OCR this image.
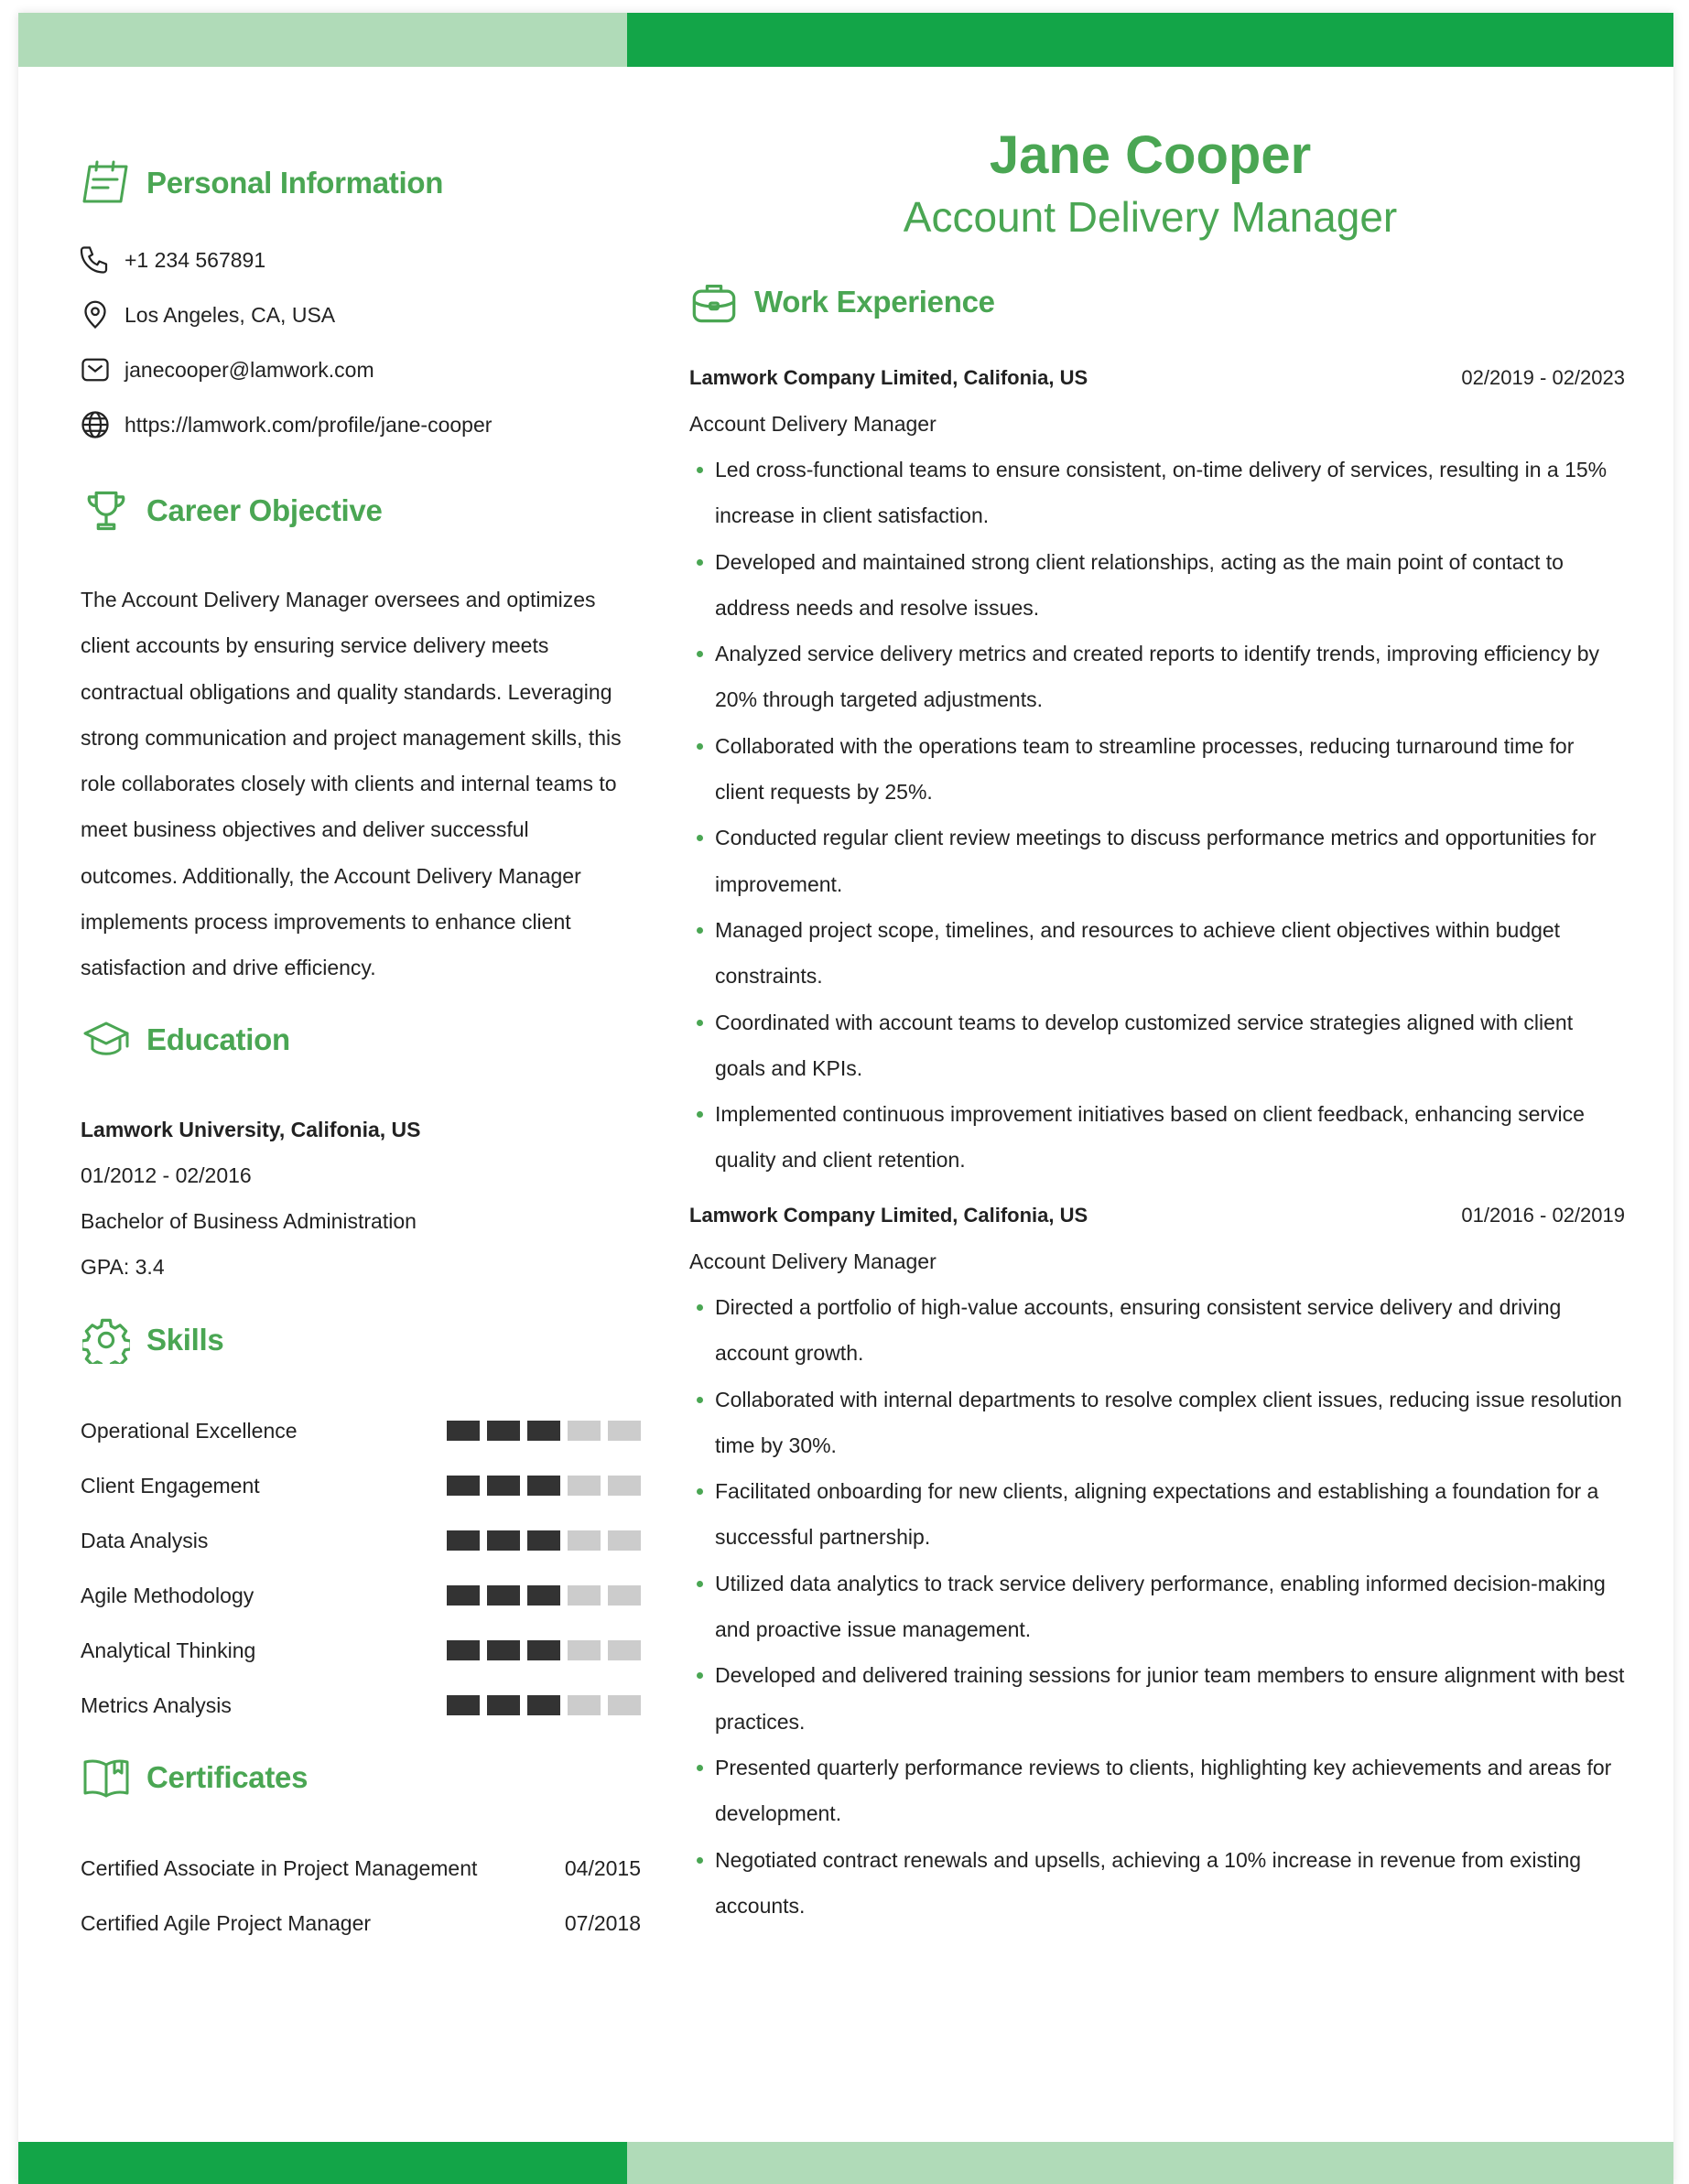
Personal Information
+1 234 567891
Los Angeles, CA, USA
janecooper@lamwork.com
https://lamwork.com/profile/jane-cooper
Career Objective

The Account Delivery Manager oversees and optimizes client accounts by ensuring service delivery meets contractual obligations and quality standards. Leveraging strong communication and project management skills, this role collaborates closely with clients and internal teams to meet business objectives and deliver successful outcomes. Additionally, the Account Delivery Manager implements process improvements to enhance client satisfaction and drive efficiency.

Education
Lamwork University, Califonia, US
01/2012 - 02/2016
Bachelor of Business Administration
GPA: 3.4
Skills
Operational Excellence
Client Engagement
Data Analysis
Agile Methodology
Analytical Thinking
Metrics Analysis
Certificates
Certified Associate in Project Management	04/2015
Certified Agile Project Manager	07/2018
Jane Cooper
Account Delivery Manager
Work Experience
Lamwork Company Limited, Califonia, US	02/2019 - 02/2023
Account Delivery Manager
Led cross-functional teams to ensure consistent, on-time delivery of services, resulting in a 15% increase in client satisfaction.
Developed and maintained strong client relationships, acting as the main point of contact to address needs and resolve issues.
Analyzed service delivery metrics and created reports to identify trends, improving efficiency by 20% through targeted adjustments.
Collaborated with the operations team to streamline processes, reducing turnaround time for client requests by 25%.
Conducted regular client review meetings to discuss performance metrics and opportunities for improvement.
Managed project scope, timelines, and resources to achieve client objectives within budget constraints.
Coordinated with account teams to develop customized service strategies aligned with client goals and KPIs.
Implemented continuous improvement initiatives based on client feedback, enhancing service quality and client retention.
Lamwork Company Limited, Califonia, US	01/2016 - 02/2019
Account Delivery Manager
Directed a portfolio of high-value accounts, ensuring consistent service delivery and driving account growth.
Collaborated with internal departments to resolve complex client issues, reducing issue resolution time by 30%.
Facilitated onboarding for new clients, aligning expectations and establishing a foundation for a successful partnership.
Utilized data analytics to track service delivery performance, enabling informed decision-making and proactive issue management.
Developed and delivered training sessions for junior team members to ensure alignment with best practices.
Presented quarterly performance reviews to clients, highlighting key achievements and areas for development.
Negotiated contract renewals and upsells, achieving a 10% increase in revenue from existing accounts.
